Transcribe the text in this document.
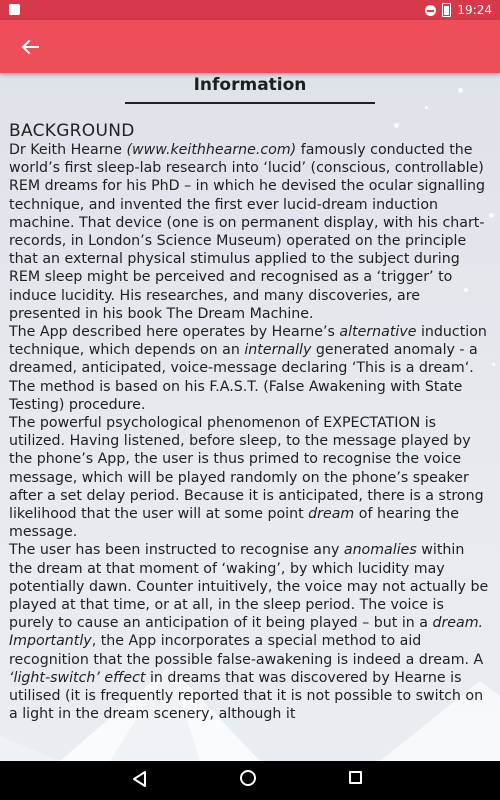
19:24
Information
BACKGROUND

Dr Keith Hearne (www.keithhearne.com) famously conducted the world’s first sleep-lab research into ‘lucid’ (conscious, controllable) REM dreams for his PhD – in which he devised the ocular signalling technique, and invented the first ever lucid-dream induction machine. That device (one is on permanent display, with his chart-records, in London’s Science Museum) operated on the principle that an external physical stimulus applied to the subject during REM sleep might be perceived and recognised as a ‘trigger’ to induce lucidity. His researches, and many discoveries, are presented in his book The Dream Machine.

The App described here operates by Hearne’s alternative induction technique, which depends on an internally generated anomaly - a dreamed, anticipated, voice-message declaring ‘This is a dream‘. The method is based on his F.A.S.T. (False Awakening with State Testing) procedure.

The powerful psychological phenomenon of EXPECTATION is utilized. Having listened, before sleep, to the message played by the phone’s App, the user is thus primed to recognise the voice message, which will be played randomly on the phone’s speaker after a set delay period. Because it is anticipated, there is a strong likelihood that the user will at some point dream of hearing the message.

The user has been instructed to recognise any anomalies within the dream at that moment of ‘waking’, by which lucidity may potentially dawn. Counter intuitively, the voice may not actually be played at that time, or at all, in the sleep period. The voice is purely to cause an anticipation of it being played – but in a dream.

Importantly, the App incorporates a special method to aid recognition that the possible false-awakening is indeed a dream. A ‘light-switch’ effect in dreams that was discovered by Hearne is utilised (it is frequently reported that it is not possible to switch on a light in the dream scenery, although it
